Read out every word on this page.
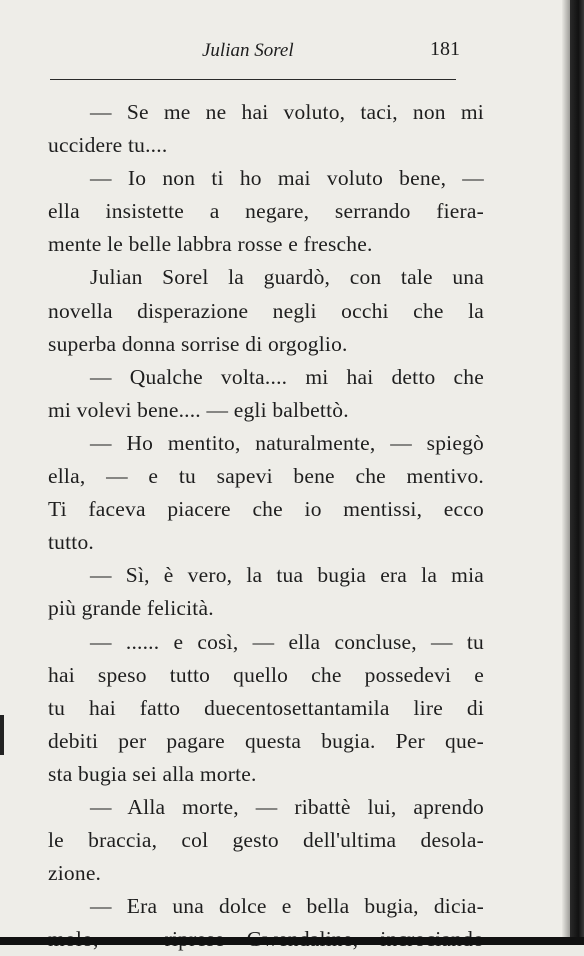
Julian Sorel	181
— Se me ne hai voluto, taci, non mi
uccidere tu....
— Io non ti ho mai voluto bene, —
ella insistette a negare, serrando fiera-
mente le belle labbra rosse e fresche.
Julian Sorel la guardò, con tale una
novella disperazione negli occhi che la
superba donna sorrise di orgoglio.
— Qualche volta.... mi hai detto che
mi volevi bene.... — egli balbettò.
— Ho mentito, naturalmente, — spiegò
ella, — e tu sapevi bene che mentivo.
Ti faceva piacere che io mentissi, ecco
tutto.
— Sì, è vero, la tua bugia era la mia
più grande felicità.
— ...... e così, — ella concluse, — tu
hai speso tutto quello che possedevi e
tu hai fatto duecentosettantamila lire di
debiti per pagare questa bugia. Per que-
sta bugia sei alla morte.
— Alla morte, — ribattè lui, aprendo
le braccia, col gesto dell'ultima desola-
zione.
— Era una dolce e bella bugia, dicia-
